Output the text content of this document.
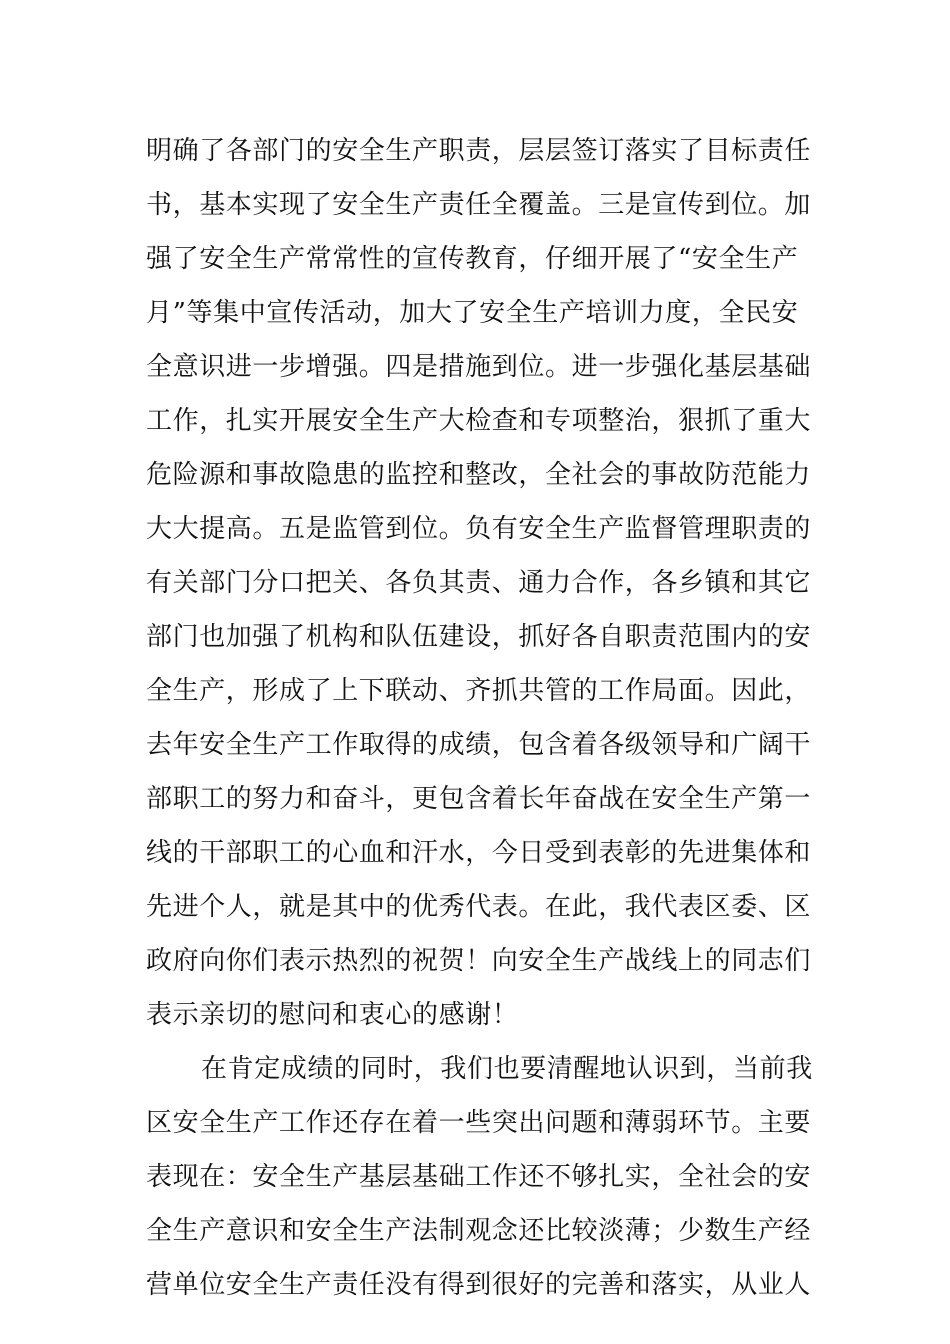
明确了各部门的安全生产职责，层层签订落实了目标责任
书，基本实现了安全生产责任全覆盖。三是宣传到位。加
强了安全生产常常性的宣传教育，仔细开展了“安全生产
月”等集中宣传活动，加大了安全生产培训力度，全民安
全意识进一步增强。四是措施到位。进一步强化基层基础
工作，扎实开展安全生产大检查和专项整治，狠抓了重大
危险源和事故隐患的监控和整改，全社会的事故防范能力
大大提高。五是监管到位。负有安全生产监督管理职责的
有关部门分口把关、各负其责、通力合作，各乡镇和其它
部门也加强了机构和队伍建设，抓好各自职责范围内的安
全生产，形成了上下联动、齐抓共管的工作局面。因此，
去年安全生产工作取得的成绩，包含着各级领导和广阔干
部职工的努力和奋斗，更包含着长年奋战在安全生产第一
线的干部职工的心血和汗水，今日受到表彰的先进集体和
先进个人，就是其中的优秀代表。在此，我代表区委、区
政府向你们表示热烈的祝贺！向安全生产战线上的同志们
表示亲切的慰问和衷心的感谢！
在肯定成绩的同时，我们也要清醒地认识到，当前我
区安全生产工作还存在着一些突出问题和薄弱环节。主要
表现在：安全生产基层基础工作还不够扎实，全社会的安
全生产意识和安全生产法制观念还比较淡薄；少数生产经
营单位安全生产责任没有得到很好的完善和落实，从业人
